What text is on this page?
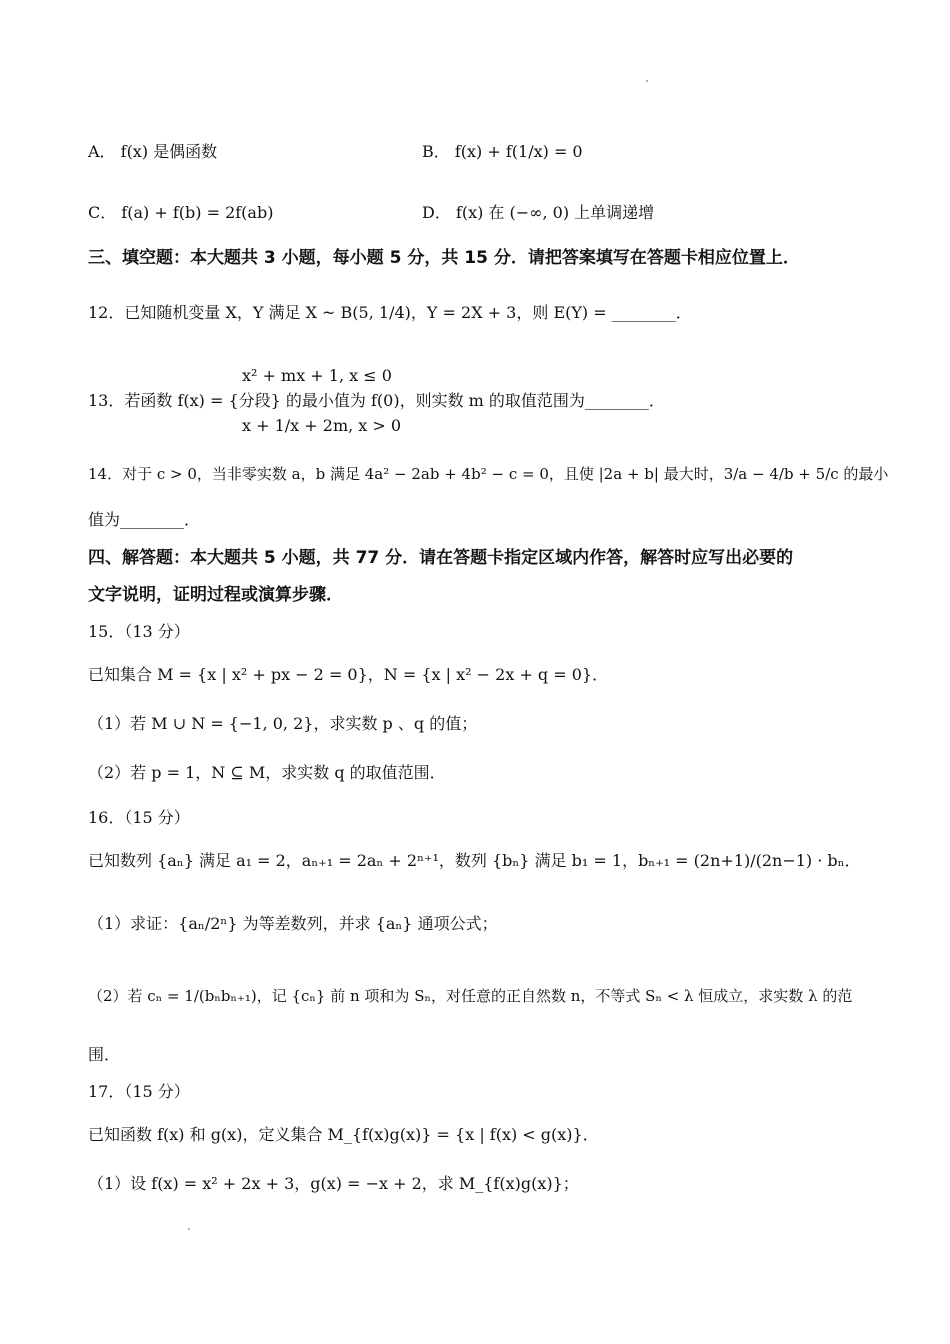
A． f(x) 是偶函数	B． f(x) + f(1/x) = 0
C． f(a) + f(b) = 2f(ab)	D． f(x) 在 (−∞, 0) 上单调递增
三、填空题：本大题共 3 小题，每小题 5 分，共 15 分．请把答案填写在答题卡相应位置上．
12．已知随机变量 X，Y 满足 X ~ B(5, 1/4)，Y = 2X + 3，则 E(Y) = ________．
x² + mx + 1, x ≤ 0
13．若函数 f(x) = {分段} 的最小值为 f(0)，则实数 m 的取值范围为________．
x + 1/x + 2m, x > 0
14．对于 c > 0，当非零实数 a，b 满足 4a² − 2ab + 4b² − c = 0，且使 |2a + b| 最大时，3/a − 4/b + 5/c 的最小
值为________．
四、解答题：本大题共 5 小题，共 77 分．请在答题卡指定区域内作答，解答时应写出必要的
文字说明，证明过程或演算步骤．
15．（13 分）
已知集合 M = {x | x² + px − 2 = 0}，N = {x | x² − 2x + q = 0}．
（1）若 M ∪ N = {−1, 0, 2}，求实数 p 、q 的值；
（2）若 p = 1，N ⊆ M，求实数 q 的取值范围．
16．（15 分）
已知数列 {aₙ} 满足 a₁ = 2，aₙ₊₁ = 2aₙ + 2ⁿ⁺¹，数列 {bₙ} 满足 b₁ = 1，bₙ₊₁ = (2n+1)/(2n−1) · bₙ．
（1）求证：{aₙ/2ⁿ} 为等差数列，并求 {aₙ} 通项公式；
（2）若 cₙ = 1/(bₙbₙ₊₁)，记 {cₙ} 前 n 项和为 Sₙ，对任意的正自然数 n，不等式 Sₙ < λ 恒成立，求实数 λ 的范
围．
17．（15 分）
已知函数 f(x) 和 g(x)，定义集合 M_{f(x)g(x)} = {x | f(x) < g(x)}．
（1）设 f(x) = x² + 2x + 3，g(x) = −x + 2，求 M_{f(x)g(x)}；
